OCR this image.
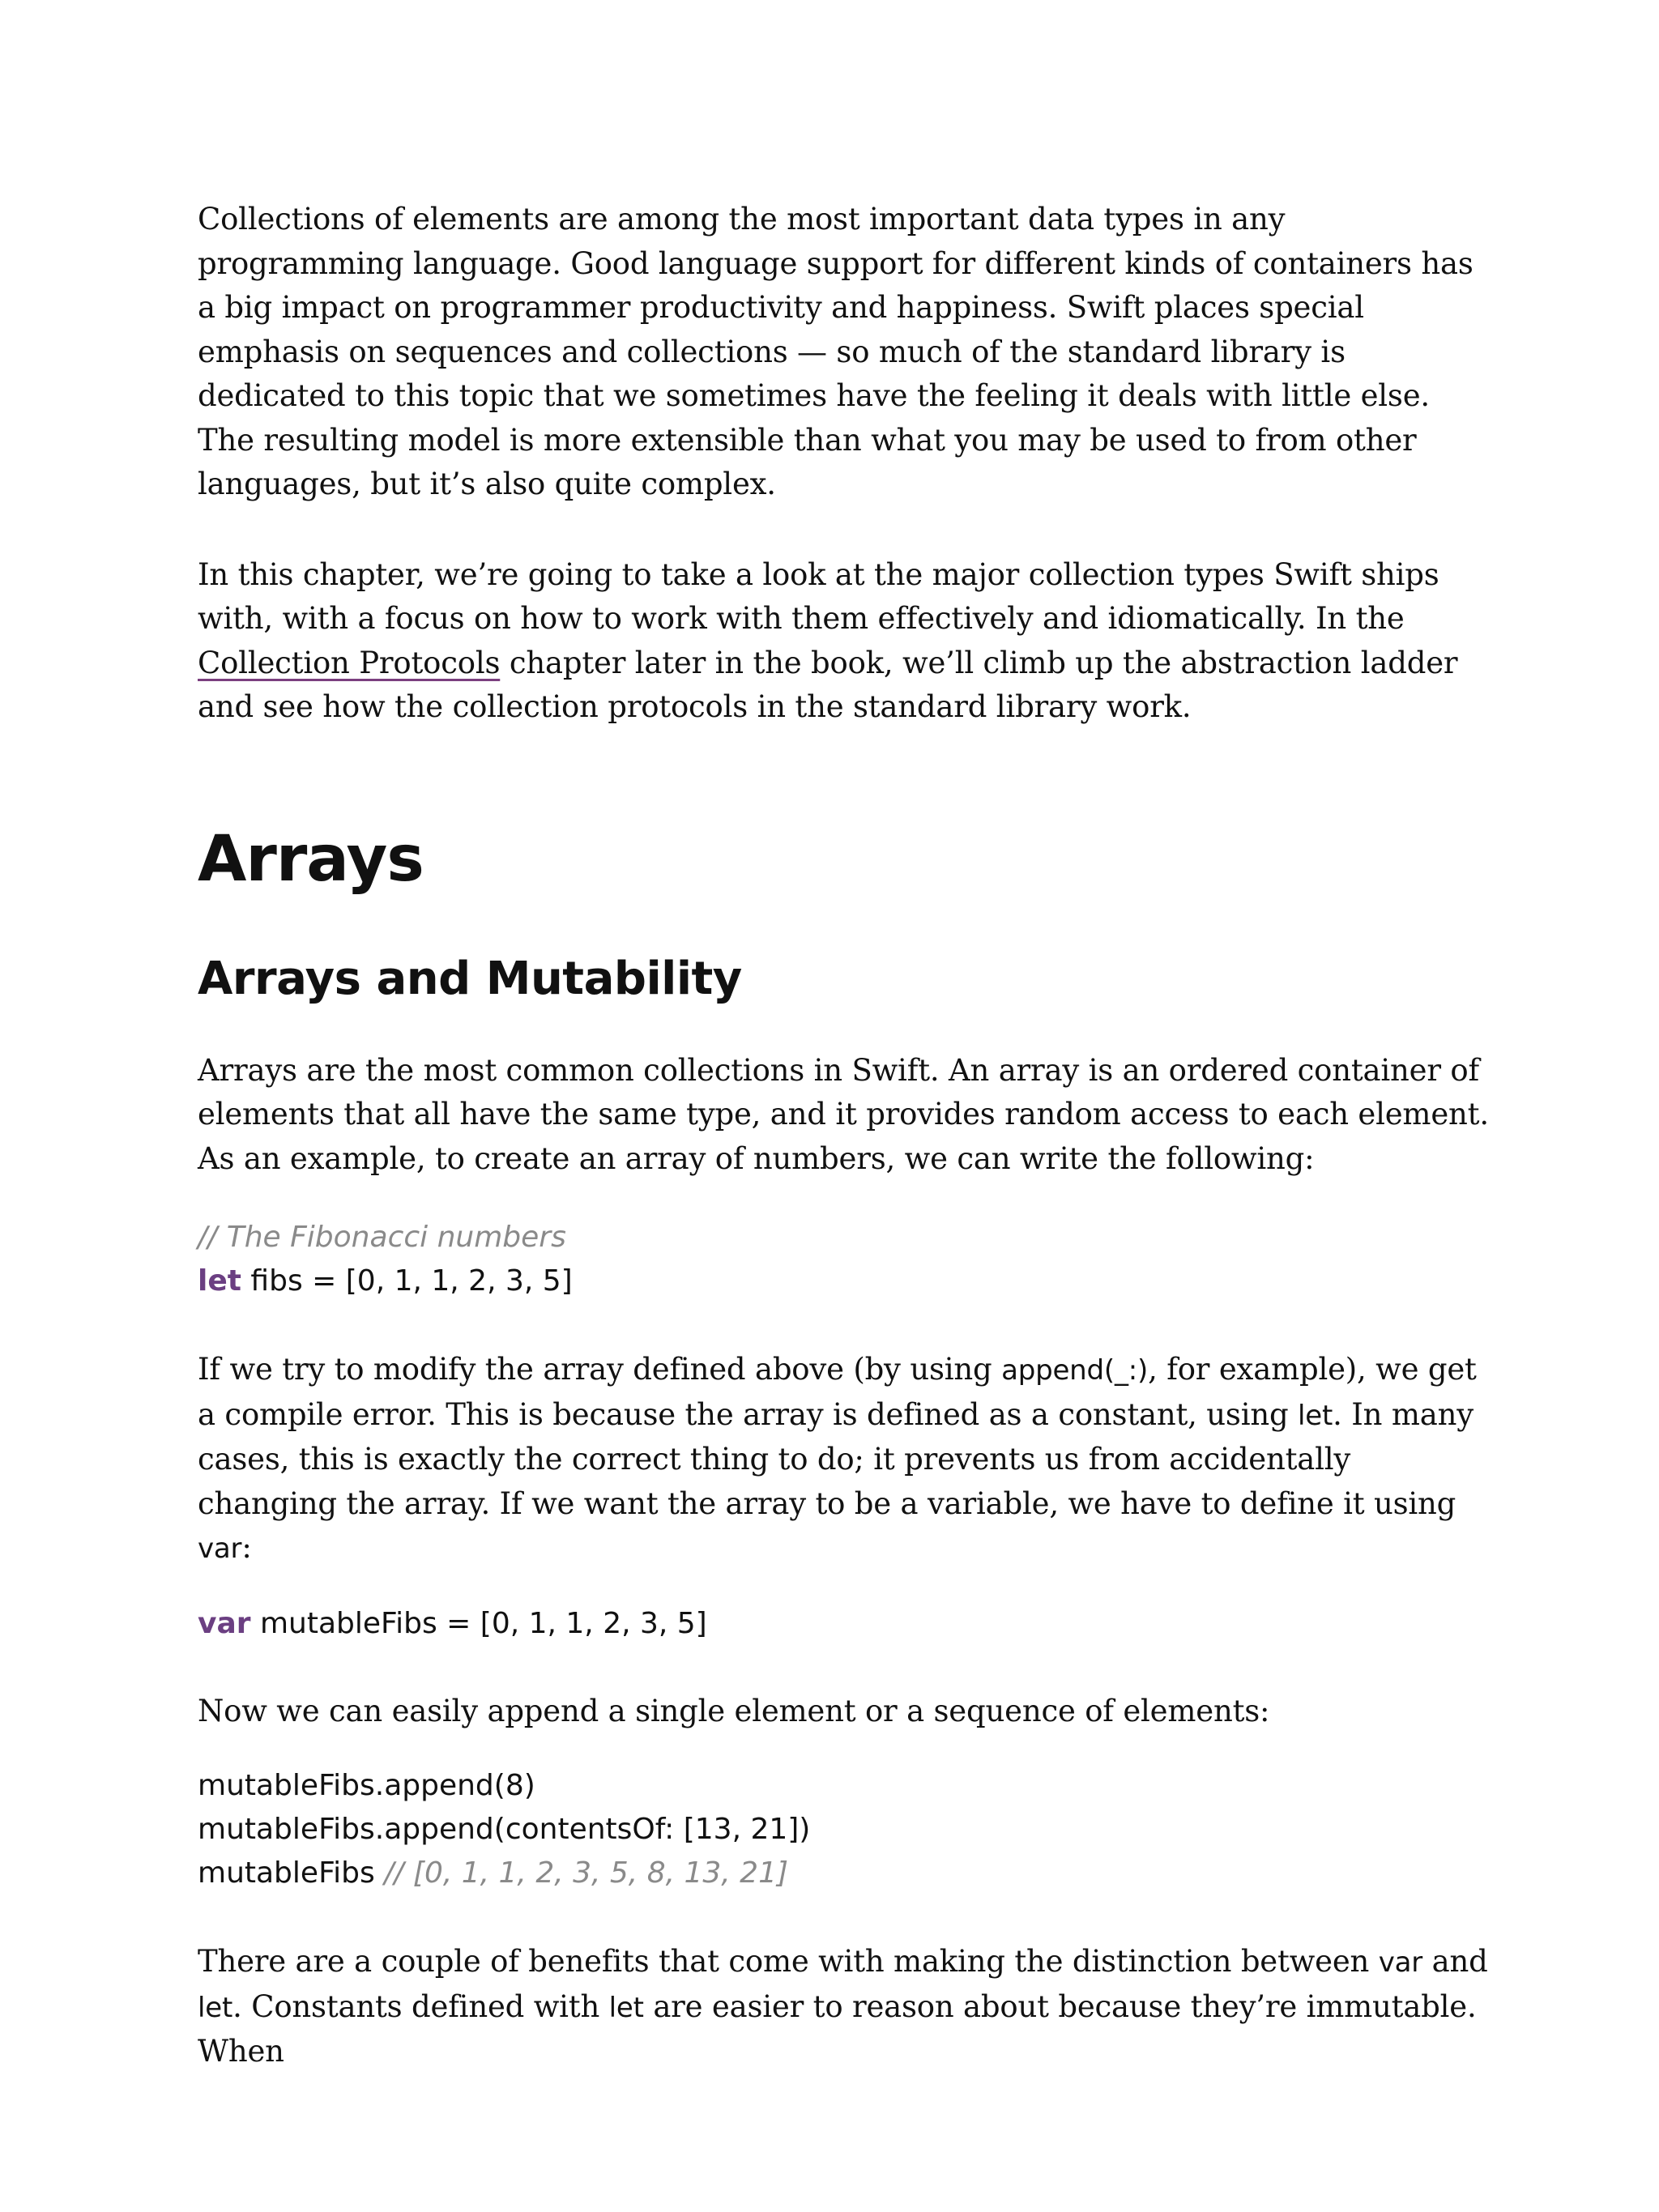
Collections of elements are among the most important data types in any programming language. Good language support for different kinds of containers has a big impact on programmer productivity and happiness. Swift places special emphasis on sequences and collections — so much of the standard library is dedicated to this topic that we sometimes have the feeling it deals with little else. The resulting model is more extensible than what you may be used to from other languages, but it’s also quite complex.

In this chapter, we’re going to take a look at the major collection types Swift ships with, with a focus on how to work with them effectively and idiomatically. In the Collection Protocols chapter later in the book, we’ll climb up the abstraction ladder and see how the collection protocols in the standard library work.

Arrays
Arrays and Mutability

Arrays are the most common collections in Swift. An array is an ordered container of elements that all have the same type, and it provides random access to each element. As an example, to create an array of numbers, we can write the following:

// The Fibonacci numbers
let fibs = [0, 1, 1, 2, 3, 5]

If we try to modify the array defined above (by using append(_:), for example), we get a compile error. This is because the array is defined as a constant, using let. In many cases, this is exactly the correct thing to do; it prevents us from accidentally changing the array. If we want the array to be a variable, we have to define it using var:

var mutableFibs = [0, 1, 1, 2, 3, 5]

Now we can easily append a single element or a sequence of elements:

mutableFibs.append(8)
mutableFibs.append(contentsOf: [13, 21])
mutableFibs // [0, 1, 1, 2, 3, 5, 8, 13, 21]

There are a couple of benefits that come with making the distinction between var and let. Constants defined with let are easier to reason about because they’re immutable. When
